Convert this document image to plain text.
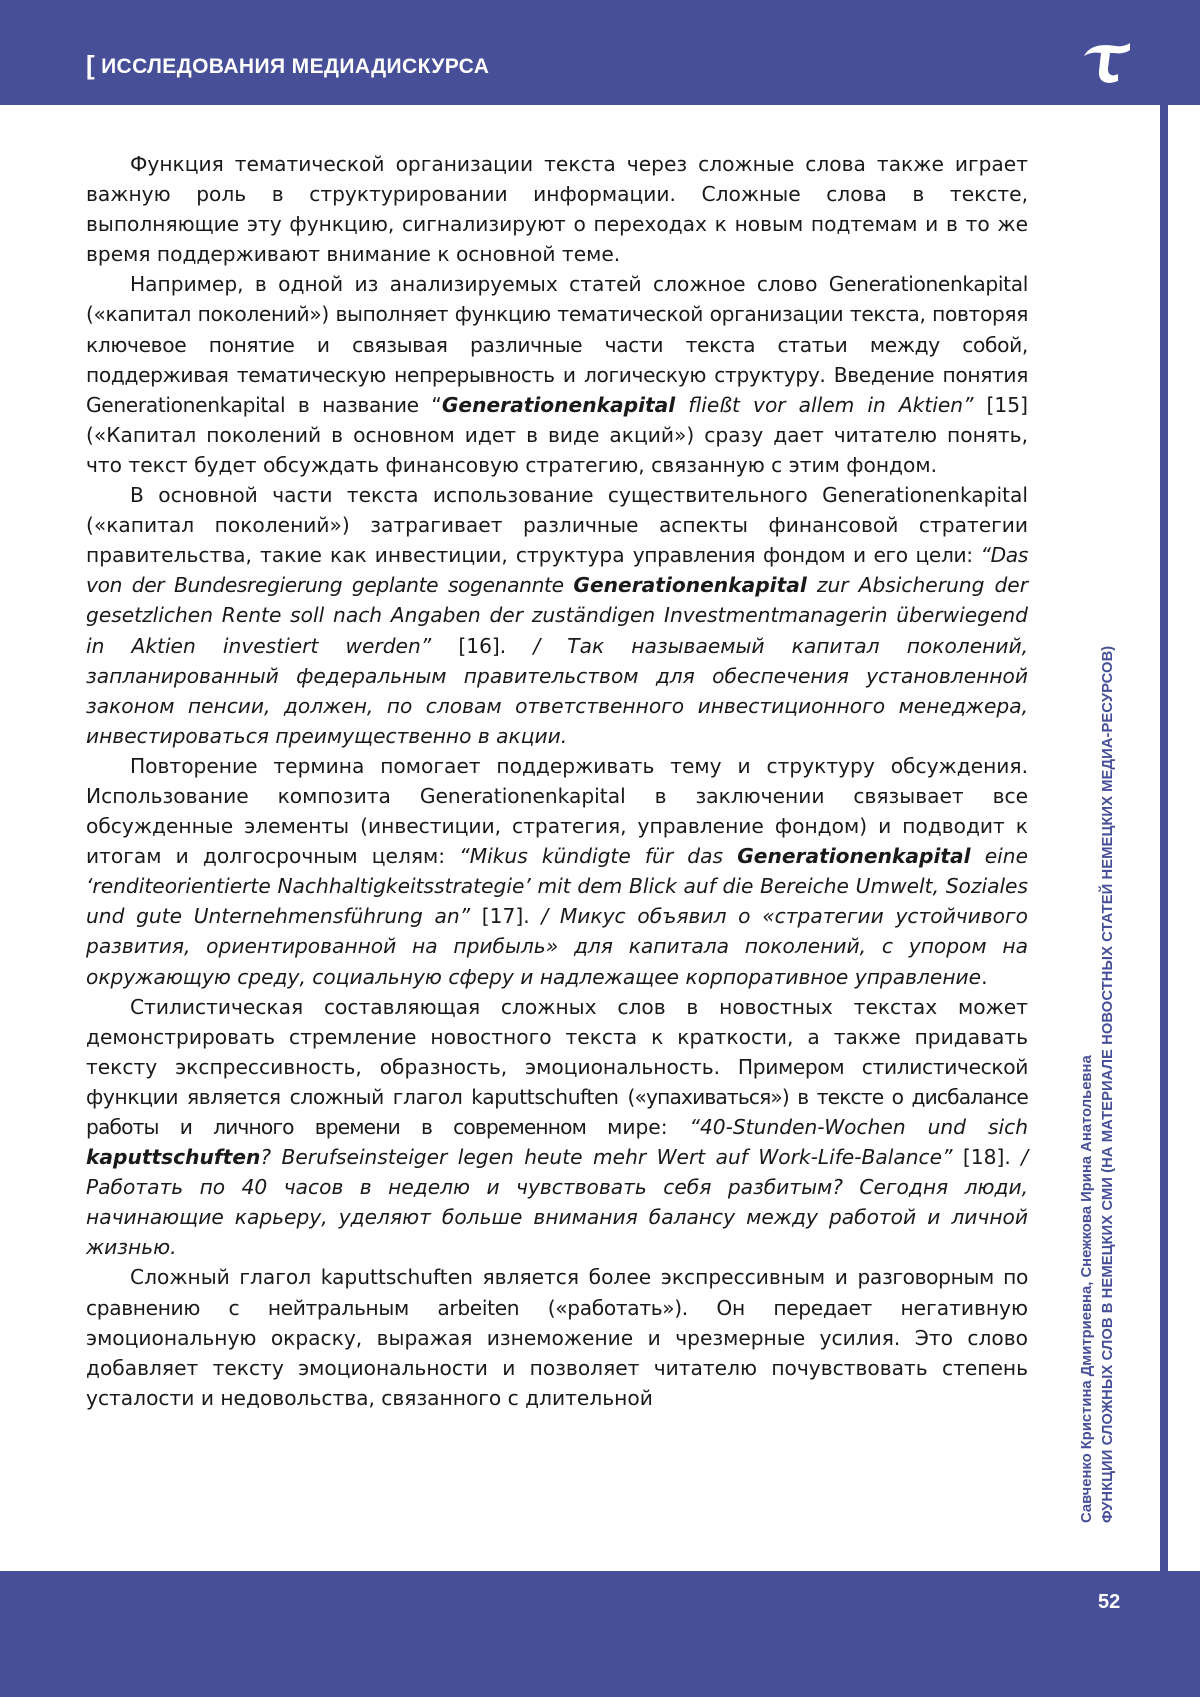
[ ИССЛЕДОВАНИЯ МЕДИАДИСКУРСА
Савченко Кристина Дмитриевна, Снежкова Ирина Анатольевна ФУНКЦИИ СЛОЖНЫХ СЛОВ В НЕМЕЦКИХ СМИ (НА МАТЕРИАЛЕ НОВОСТНЫХ СТАТЕЙ НЕМЕЦКИХ МЕДИА-РЕСУРСОВ)

Функция тематической организации текста через сложные слова также играет важную роль в структурировании информации. Сложные слова в тексте, выполняющие эту функцию, сигнализируют о переходах к новым подтемам и в то же время поддерживают внимание к основной теме.

Например, в одной из анализируемых статей сложное слово Generationenkapital («капитал поколений») выполняет функцию тематической организации текста, повторяя ключевое понятие и связывая различные части текста статьи между собой, поддерживая тематическую непрерывность и логическую структуру. Введение понятия Generationenkapital в название “Generationenkapital fließt vor allem in Aktien” [15] («Капитал поколений в основном идет в виде акций») сразу дает читателю понять, что текст будет обсуждать финансовую стратегию, связанную с этим фондом.

В основной части текста использование существительного Generationenkapital («капитал поколений») затрагивает различные аспекты финансовой стратегии правительства, такие как инвестиции, структура управления фондом и его цели: “Das von der Bundesregierung geplante sogenannte Generationenkapital zur Absicherung der gesetzlichen Rente soll nach Angaben der zuständigen Investmentmanagerin überwiegend in Aktien investiert werden” [16]. / Так называемый капитал поколений, запланированный федеральным правительством для обеспечения установленной законом пенсии, должен, по словам ответственного инвестиционного менеджера, инвестироваться преимущественно в акции.

Повторение термина помогает поддерживать тему и структуру обсуждения. Использование композита Generationenkapital в заключении связывает все обсужденные элементы (инвестиции, стратегия, управление фондом) и подводит к итогам и долгосрочным целям: “Mikus kündigte für das Generationenkapital eine ‘renditeorientierte Nachhaltigkeitsstrategie’ mit dem Blick auf die Bereiche Umwelt, Soziales und gute Unternehmensführung an” [17]. / Микус объявил о «стратегии устойчивого развития, ориентированной на прибыль» для капитала поколений, с упором на окружающую среду, социальную сферу и надлежащее корпоративное управление.

Стилистическая составляющая сложных слов в новостных текстах может демонстрировать стремление новостного текста к краткости, а также придавать тексту экспрессивность, образность, эмоциональность. Примером стилистической функции является сложный глагол kaputtschuften («упахиваться») в тексте о дисбалансе работы и личного времени в современном мире: “40-Stunden-Wochen und sich kaputtschuften? Berufseinsteiger legen heute mehr Wert auf Work-Life-Balance” [18]. / Работать по 40 часов в неделю и чувствовать себя разбитым? Сегодня люди, начинающие карьеру, уделяют больше внимания балансу между работой и личной жизнью.

Сложный глагол kaputtschuften является более экспрессивным и разговорным по сравнению с нейтральным arbeiten («работать»). Он передает негативную эмоциональную окраску, выражая изнеможение и чрезмерные усилия. Это слово добавляет тексту эмоциональности и позволяет читателю почувствовать степень усталости и недовольства, связанного с длительной

52
